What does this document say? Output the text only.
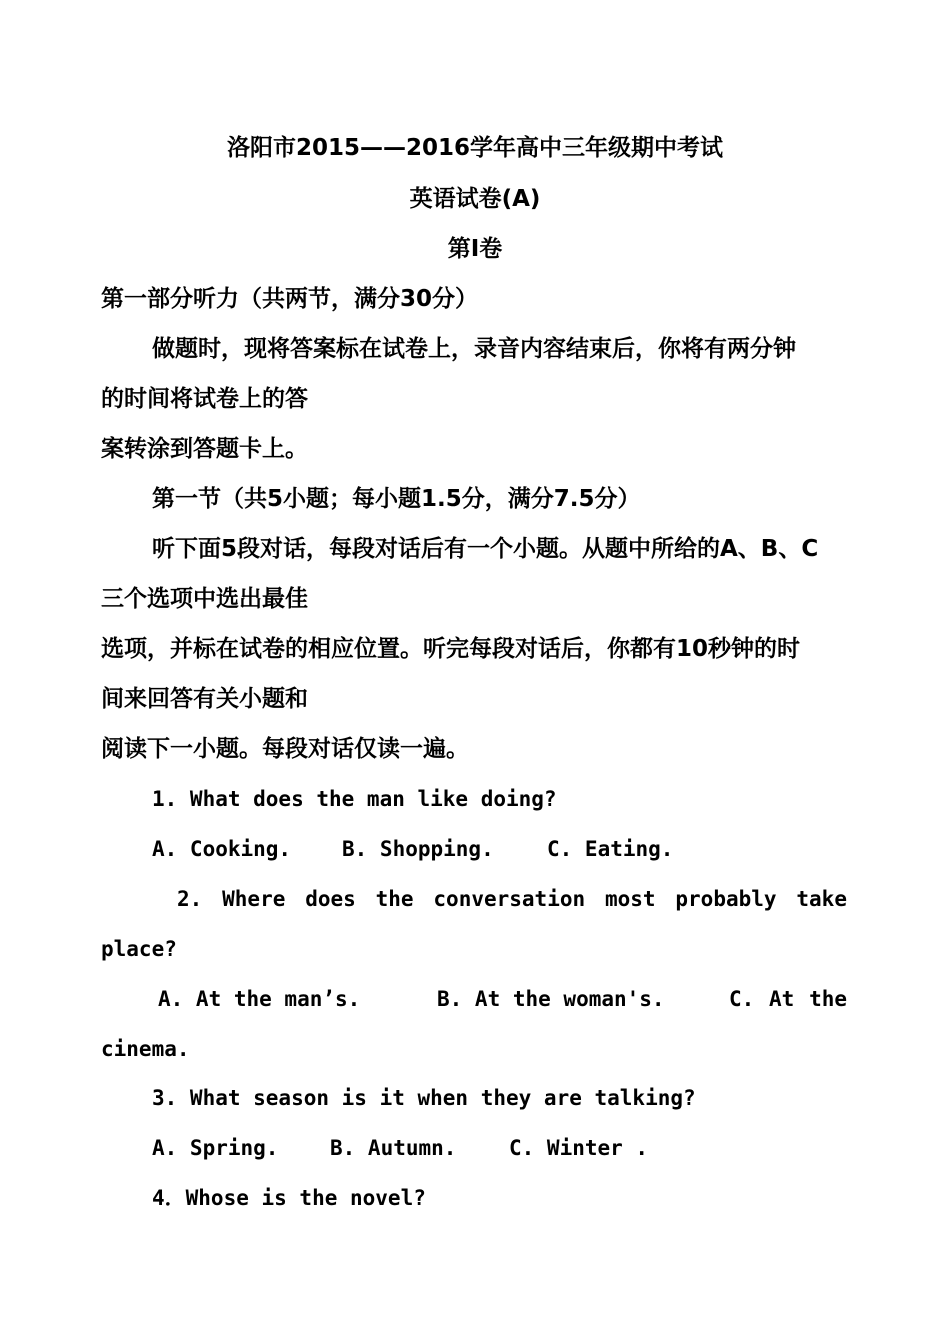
洛阳市2015——2016学年高中三年级期中考试
英语试卷(A)
第Ⅰ卷
第一部分听力（共两节，满分30分）
做题时，现将答案标在试卷上，录音内容结束后，你将有两分钟
的时间将试卷上的答
案转涂到答题卡上。
第一节（共5小题；每小题1.5分，满分7.5分）
听下面5段对话，每段对话后有一个小题。从题中所给的A、B、C
三个选项中选出最佳
选项，并标在试卷的相应位置。听完每段对话后，你都有10秒钟的时
间来回答有关小题和
阅读下一小题。每段对话仅读一遍。
1. What does the man like doing?
A. Cooking. B. Shopping.	C. Eating.
2. Where does the conversation most probably take
place?
A. At the man’s.	B. At the woman's.	C. At the
cinema.
3. What season is it when they are talking?
A. Spring. B. Autumn.	C. Winter .
4．Whose is the novel?
